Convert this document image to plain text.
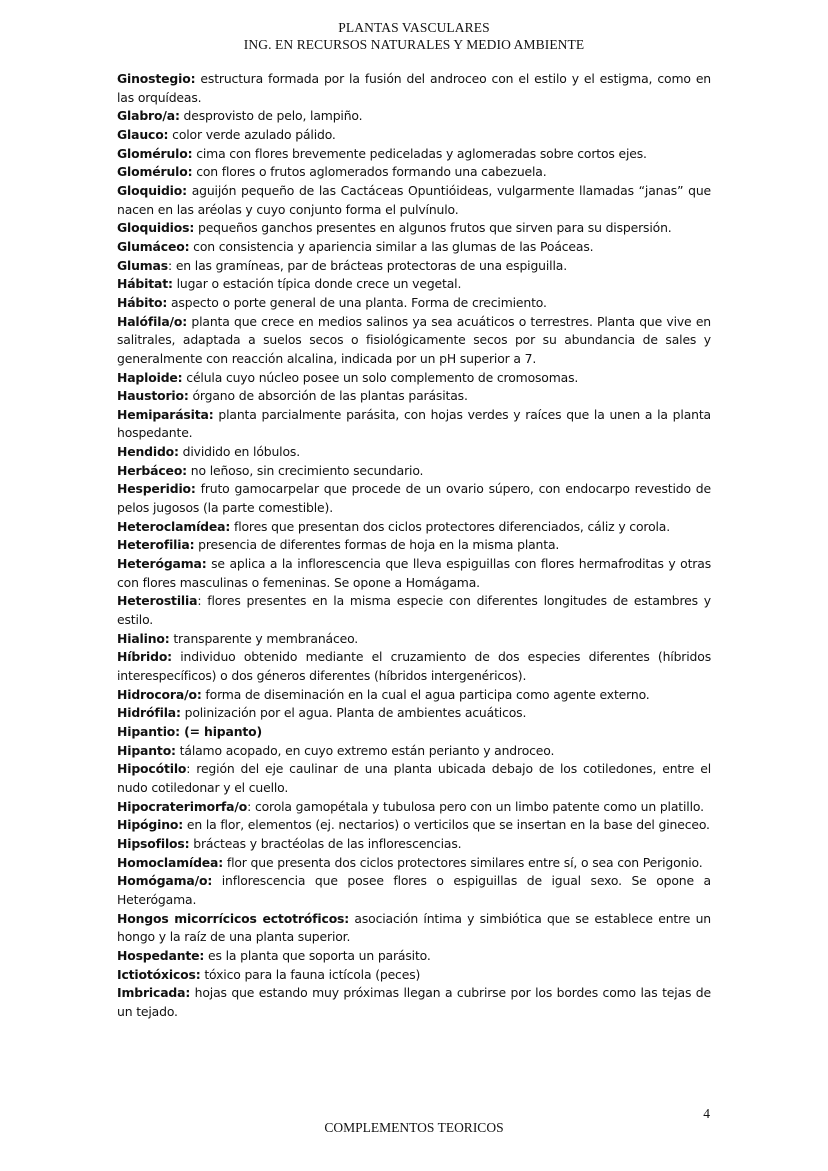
PLANTAS VASCULARES
ING. EN RECURSOS NATURALES Y MEDIO AMBIENTE
Ginostegio: estructura formada por la fusión del androceo con el estilo y el estigma, como en las orquídeas.
Glabro/a: desprovisto de pelo, lampiño.
Glauco: color verde azulado pálido.
Glomérulo: cima con flores brevemente pediceladas y aglomeradas sobre cortos ejes.
Glomérulo: con flores o frutos aglomerados formando una cabezuela.
Gloquidio: aguijón pequeño de las Cactáceas Opuntióideas, vulgarmente llamadas “janas” que nacen en las aréolas y cuyo conjunto forma el pulvínulo.
Gloquidios: pequeños ganchos presentes en algunos frutos que sirven para su dispersión.
Glumáceo: con consistencia y apariencia similar a las glumas de las Poáceas.
Glumas: en las gramíneas, par de brácteas protectoras de una espiguilla.
Hábitat: lugar o estación típica donde crece un vegetal.
Hábito: aspecto o porte general de una planta. Forma de crecimiento.
Halófila/o: planta que crece en medios salinos ya sea acuáticos o terrestres. Planta que vive en salitrales, adaptada a suelos secos o fisiológicamente secos por su abundancia de sales y generalmente con reacción alcalina, indicada por un pH superior a 7.
Haploide: célula cuyo núcleo posee un solo complemento de cromosomas.
Haustorio: órgano de absorción de las plantas parásitas.
Hemiparásita: planta parcialmente parásita, con hojas verdes y raíces que la unen a la planta hospedante.
Hendido: dividido en lóbulos.
Herbáceo: no leñoso, sin crecimiento secundario.
Hesperidio: fruto gamocarpelar que procede de un ovario súpero, con endocarpo revestido de pelos jugosos (la parte comestible).
Heteroclamídea: flores que presentan dos ciclos protectores diferenciados, cáliz y corola.
Heterofilia: presencia de diferentes formas de hoja en la misma planta.
Heterógama: se aplica a la inflorescencia que lleva espiguillas con flores hermafroditas y otras con flores masculinas o femeninas. Se opone a Homágama.
Heterostilia: flores presentes en la misma especie con diferentes longitudes de estambres y estilo.
Hialino: transparente y membranáceo.
Híbrido: individuo obtenido mediante el cruzamiento de dos especies diferentes (híbridos interespecíficos) o dos géneros diferentes (híbridos intergenéricos).
Hidrocora/o: forma de diseminación en la cual el agua participa como agente externo.
Hidrófila: polinización por el agua. Planta de ambientes acuáticos.
Hipantio: (= hipanto)
Hipanto: tálamo acopado, en cuyo extremo están perianto y androceo.
Hipocótilo: región del eje caulinar de una planta ubicada debajo de los cotiledones, entre el nudo cotiledonar y el cuello.
Hipocraterimorfa/o: corola gamopétala y tubulosa pero con un limbo patente como un platillo.
Hipógino: en la flor, elementos (ej. nectarios) o verticilos que se insertan en la base del gineceo.
Hipsofilos: brácteas y bractéolas de las inflorescencias.
Homoclamídea: flor que presenta dos ciclos protectores similares entre sí, o sea con Perigonio.
Homógama/o: inflorescencia que posee flores o espiguillas de igual sexo. Se opone a Heterógama.
Hongos micorrícicos ectotróficos: asociación íntima y simbiótica que se establece entre un hongo y la raíz de una planta superior.
Hospedante: es la planta que soporta un parásito.
Ictiotóxicos: tóxico para la fauna ictícola (peces)
Imbricada: hojas que estando muy próximas llegan a cubrirse por los bordes como las tejas de un tejado.
4
COMPLEMENTOS TEORICOS
